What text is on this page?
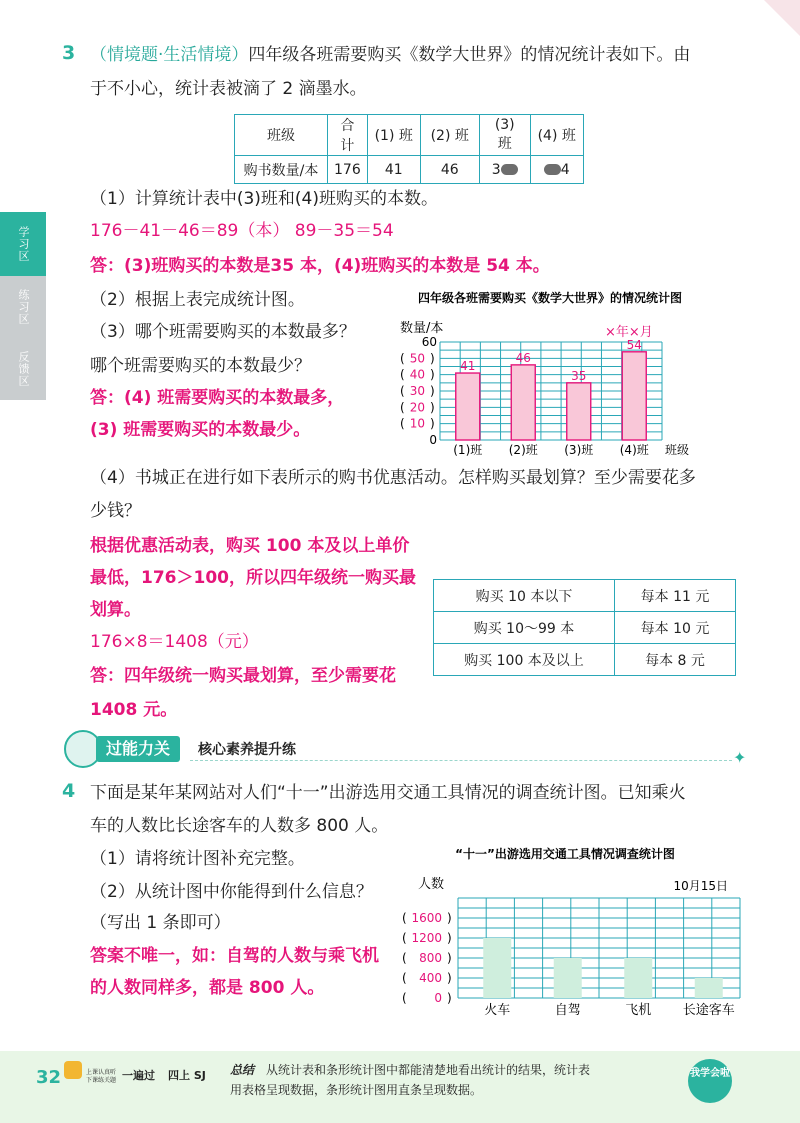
学习区
练习区
反馈区
3 （情境题·生活情境）四年级各班需要购买《数学大世界》的情况统计表如下。由
于不小心，统计表被滴了 2 滴墨水。
班级	合计	(1) 班	(2) 班	(3) 班	(4) 班
购书数量/本	176	41	46	3	4
（1）计算统计表中(3)班和(4)班购买的本数。
176－41－46＝89（本） 89－35＝54
答：(3)班购买的本数是35 本，(4)班购买的本数是 54 本。
（2）根据上表完成统计图。
（3）哪个班需要购买的本数最多？
哪个班需要购买的本数最少？
答：(4) 班需要购买的本数最多，
(3) 班需要购买的本数最少。
四年级各班需要购买《数学大世界》的情况统计图
数量/本	×年×月
0
( 10 )
( 20 )
( 30 )
( 40 )
( 50 )
60
41
(1)班
46
(2)班
35
(3)班
54
(4)班 班级
（4）书城正在进行如下表所示的购书优惠活动。怎样购买最划算？至少需要花多
少钱？
根据优惠活动表，购买 100 本及以上单价
最低，176＞100，所以四年级统一购买最
划算。
176×8＝1408（元）
答：四年级统一购买最划算，至少需要花
1408 元。
购买 10 本以下	每本 11 元
购买 10～99 本	每本 10 元
购买 100 本及以上	每本 8 元
过能力关	核心素养提升练	✦
4 下面是某年某网站对人们“十一”出游选用交通工具情况的调查统计图。已知乘火
车的人数比长途客车的人数多 800 人。
（1）请将统计图补充完整。
（2）从统计图中你能得到什么信息？
（写出 1 条即可）
答案不唯一，如：自驾的人数与乘飞机
的人数同样多，都是 800 人。
“十一”出游选用交通工具情况调查统计图
人数	10月15日
( 1600 )
( 1200 )
( 800 )
( 400 )
( 0 )
火车	自驾	飞机 长途客车
32	上课认真听
下课练关题 一遍过 四上 SJ 总结 从统计表和条形统计图中都能清楚地看出统计的结果，统计表
用表格呈现数据，条形统计图用直条呈现数据。
我学会啦
